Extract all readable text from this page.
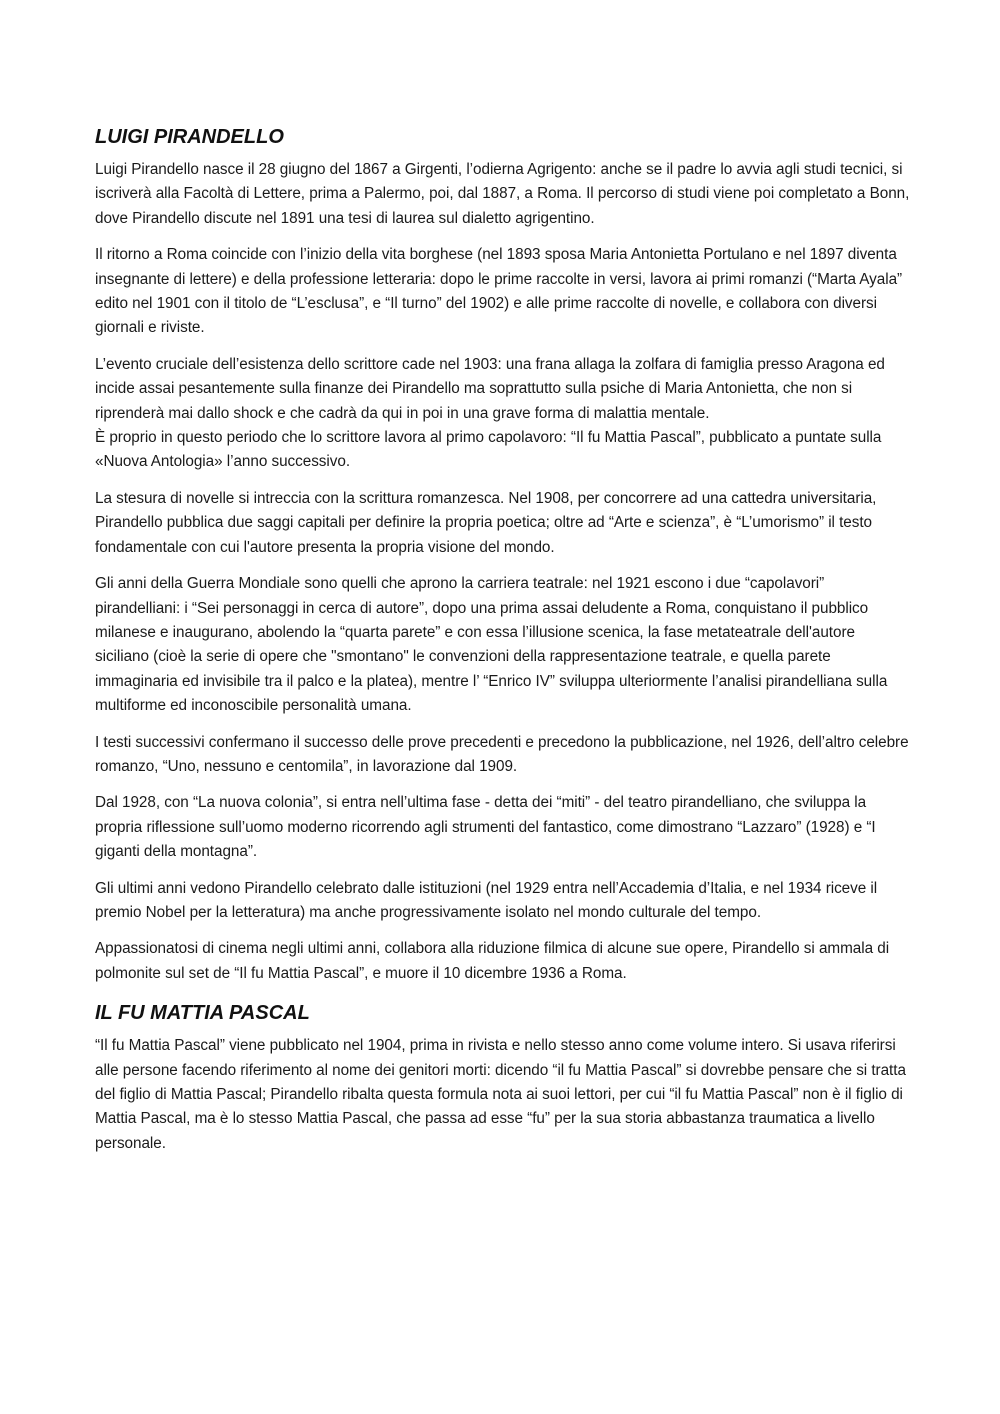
LUIGI PIRANDELLO

Luigi Pirandello nasce il 28 giugno del 1867 a Girgenti, l’odierna Agrigento: anche se il padre lo avvia agli studi tecnici, si iscriverà alla Facoltà di Lettere, prima a Palermo, poi, dal 1887, a Roma. Il percorso di studi viene poi completato a Bonn, dove Pirandello discute nel 1891 una tesi di laurea sul dialetto agrigentino.

Il ritorno a Roma coincide con l’inizio della vita borghese (nel 1893 sposa Maria Antonietta Portulano e nel 1897 diventa insegnante di lettere) e della professione letteraria: dopo le prime raccolte in versi, lavora ai primi romanzi (“Marta Ayala” edito nel 1901 con il titolo de “L’esclusa”, e “Il turno” del 1902) e alle prime raccolte di novelle, e collabora con diversi giornali e riviste.

L’evento cruciale dell’esistenza dello scrittore cade nel 1903: una frana allaga la zolfara di famiglia presso Aragona ed incide assai pesantemente sulla finanze dei Pirandello ma soprattutto sulla psiche di Maria Antonietta, che non si riprenderà mai dallo shock e che cadrà da qui in poi in una grave forma di malattia mentale.
È proprio in questo periodo che lo scrittore lavora al primo capolavoro: “Il fu Mattia Pascal”, pubblicato a puntate sulla «Nuova Antologia» l’anno successivo.

La stesura di novelle si intreccia con la scrittura romanzesca. Nel 1908, per concorrere ad una cattedra universitaria, Pirandello pubblica due saggi capitali per definire la propria poetica; oltre ad “Arte e scienza”, è “L’umorismo” il testo fondamentale con cui l'autore presenta la propria visione del mondo.

Gli anni della Guerra Mondiale sono quelli che aprono la carriera teatrale: nel 1921 escono i due “capolavori” pirandelliani: i “Sei personaggi in cerca di autore”, dopo una prima assai deludente a Roma, conquistano il pubblico milanese e inaugurano, abolendo la “quarta parete” e con essa l’illusione scenica, la fase metateatrale dell'autore siciliano (cioè la serie di opere che "smontano" le convenzioni della rappresentazione teatrale, e quella parete immaginaria ed invisibile tra il palco e la platea), mentre l’ “Enrico IV” sviluppa ulteriormente l’analisi pirandelliana sulla multiforme ed inconoscibile personalità umana.

I testi successivi confermano il successo delle prove precedenti e precedono la pubblicazione, nel 1926, dell’altro celebre romanzo, “Uno, nessuno e centomila”, in lavorazione dal 1909.

Dal 1928, con “La nuova colonia”, si entra nell’ultima fase - detta dei “miti” - del teatro pirandelliano, che sviluppa la propria riflessione sull’uomo moderno ricorrendo agli strumenti del fantastico, come dimostrano “Lazzaro” (1928) e “I giganti della montagna”.

Gli ultimi anni vedono Pirandello celebrato dalle istituzioni (nel 1929 entra nell’Accademia d’Italia, e nel 1934 riceve il premio Nobel per la letteratura) ma anche progressivamente isolato nel mondo culturale del tempo.

Appassionatosi di cinema negli ultimi anni, collabora alla riduzione filmica di alcune sue opere, Pirandello si ammala di polmonite sul set de “Il fu Mattia Pascal”, e muore il 10 dicembre 1936 a Roma.

IL FU MATTIA PASCAL

“Il fu Mattia Pascal” viene pubblicato nel 1904, prima in rivista e nello stesso anno come volume intero. Si usava riferirsi alle persone facendo riferimento al nome dei genitori morti: dicendo “il fu Mattia Pascal” si dovrebbe pensare che si tratta del figlio di Mattia Pascal; Pirandello ribalta questa formula nota ai suoi lettori, per cui “il fu Mattia Pascal” non è il figlio di Mattia Pascal, ma è lo stesso Mattia Pascal, che passa ad esse “fu” per la sua storia abbastanza traumatica a livello personale.
